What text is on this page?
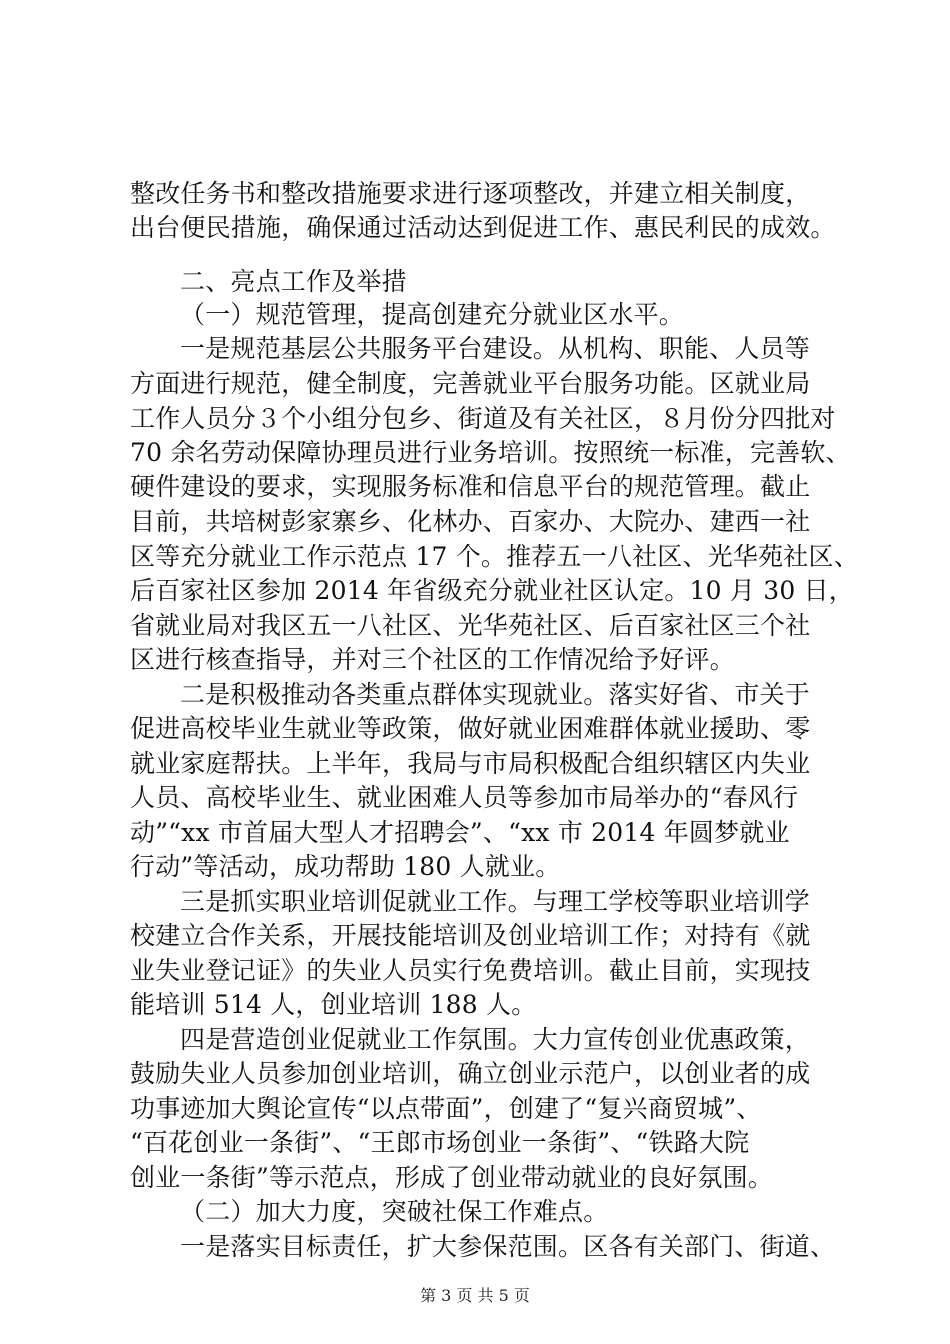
整改任务书和整改措施要求进行逐项整改，并建立相关制度，
出台便民措施，确保通过活动达到促进工作、惠民利民的成效。
二、亮点工作及举措
（一）规范管理，提高创建充分就业区水平。
一是规范基层公共服务平台建设。从机构、职能、人员等
方面进行规范，健全制度，完善就业平台服务功能。区就业局
工作人员分３个小组分包乡、街道及有关社区，８月份分四批对
70 余名劳动保障协理员进行业务培训。按照统一标准，完善软、
硬件建设的要求，实现服务标准和信息平台的规范管理。截止
目前，共培树彭家寨乡、化林办、百家办、大院办、建西一社
区等充分就业工作示范点 17 个。推荐五一八社区、光华苑社区、
后百家社区参加 2014 年省级充分就业社区认定。10 月 30 日，
省就业局对我区五一八社区、光华苑社区、后百家社区三个社
区进行核查指导，并对三个社区的工作情况给予好评。
二是积极推动各类重点群体实现就业。落实好省、市关于
促进高校毕业生就业等政策，做好就业困难群体就业援助、零
就业家庭帮扶。上半年，我局与市局积极配合组织辖区内失业
人员、高校毕业生、就业困难人员等参加市局举办的“春风行
动”“xx 市首届大型人才招聘会”、“xx 市 2014 年圆梦就业
行动”等活动，成功帮助 180 人就业。
三是抓实职业培训促就业工作。与理工学校等职业培训学
校建立合作关系，开展技能培训及创业培训工作；对持有《就
业失业登记证》的失业人员实行免费培训。截止目前，实现技
能培训 514 人，创业培训 188 人。
四是营造创业促就业工作氛围。大力宣传创业优惠政策，
鼓励失业人员参加创业培训，确立创业示范户，以创业者的成
功事迹加大舆论宣传“以点带面”，创建了“复兴商贸城”、
“百花创业一条街”、“王郎市场创业一条街”、“铁路大院
创业一条街”等示范点，形成了创业带动就业的良好氛围。
（二）加大力度，突破社保工作难点。
一是落实目标责任，扩大参保范围。区各有关部门、街道、
第 3 页 共 5 页
